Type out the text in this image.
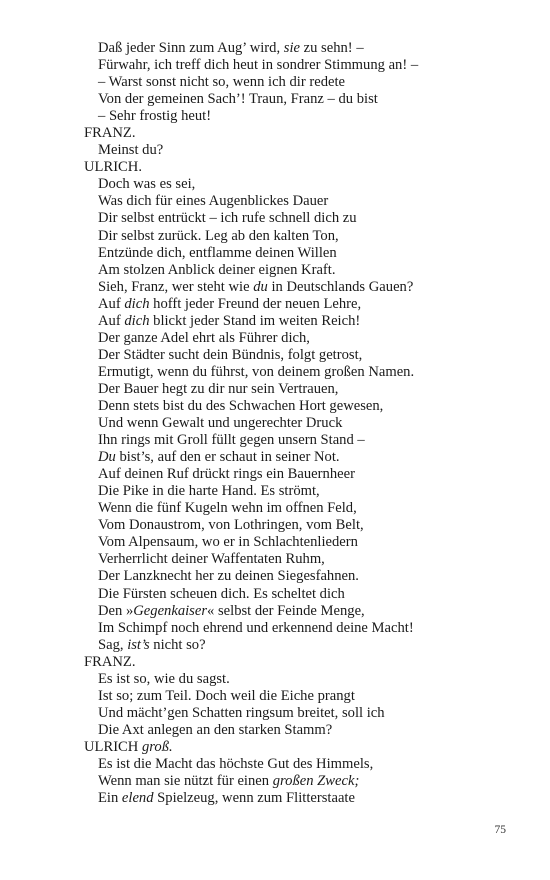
Daß jeder Sinn zum Aug’ wird, sie zu sehn! –
Fürwahr, ich treff dich heut in sondrer Stimmung an! –
– Warst sonst nicht so, wenn ich dir redete
Von der gemeinen Sach’! Traun, Franz – du bist
– Sehr frostig heut!
FRANZ.
Meinst du?
ULRICH.
Doch was es sei,
Was dich für eines Augenblickes Dauer
Dir selbst entrückt – ich rufe schnell dich zu
Dir selbst zurück. Leg ab den kalten Ton,
Entzünde dich, entflamme deinen Willen
Am stolzen Anblick deiner eignen Kraft.
Sieh, Franz, wer steht wie du in Deutschlands Gauen?
Auf dich hofft jeder Freund der neuen Lehre,
Auf dich blickt jeder Stand im weiten Reich!
Der ganze Adel ehrt als Führer dich,
Der Städter sucht dein Bündnis, folgt getrost,
Ermutigt, wenn du führst, von deinem großen Namen.
Der Bauer hegt zu dir nur sein Vertrauen,
Denn stets bist du des Schwachen Hort gewesen,
Und wenn Gewalt und ungerechter Druck
Ihn rings mit Groll füllt gegen unsern Stand –
Du bist’s, auf den er schaut in seiner Not.
Auf deinen Ruf drückt rings ein Bauernheer
Die Pike in die harte Hand. Es strömt,
Wenn die fünf Kugeln wehn im offnen Feld,
Vom Donaustrom, von Lothringen, vom Belt,
Vom Alpensaum, wo er in Schlachtenliedern
Verherrlicht deiner Waffentaten Ruhm,
Der Lanzknecht her zu deinen Siegesfahnen.
Die Fürsten scheuen dich. Es scheltet dich
Den »Gegenkaiser« selbst der Feinde Menge,
Im Schimpf noch ehrend und erkennend deine Macht!
Sag, ist’s nicht so?
FRANZ.
Es ist so, wie du sagst.
Ist so; zum Teil. Doch weil die Eiche prangt
Und mächt’gen Schatten ringsum breitet, soll ich
Die Axt anlegen an den starken Stamm?
ULRICH groß.
Es ist die Macht das höchste Gut des Himmels,
Wenn man sie nützt für einen großen Zweck;
Ein elend Spielzeug, wenn zum Flitterstaate
75
